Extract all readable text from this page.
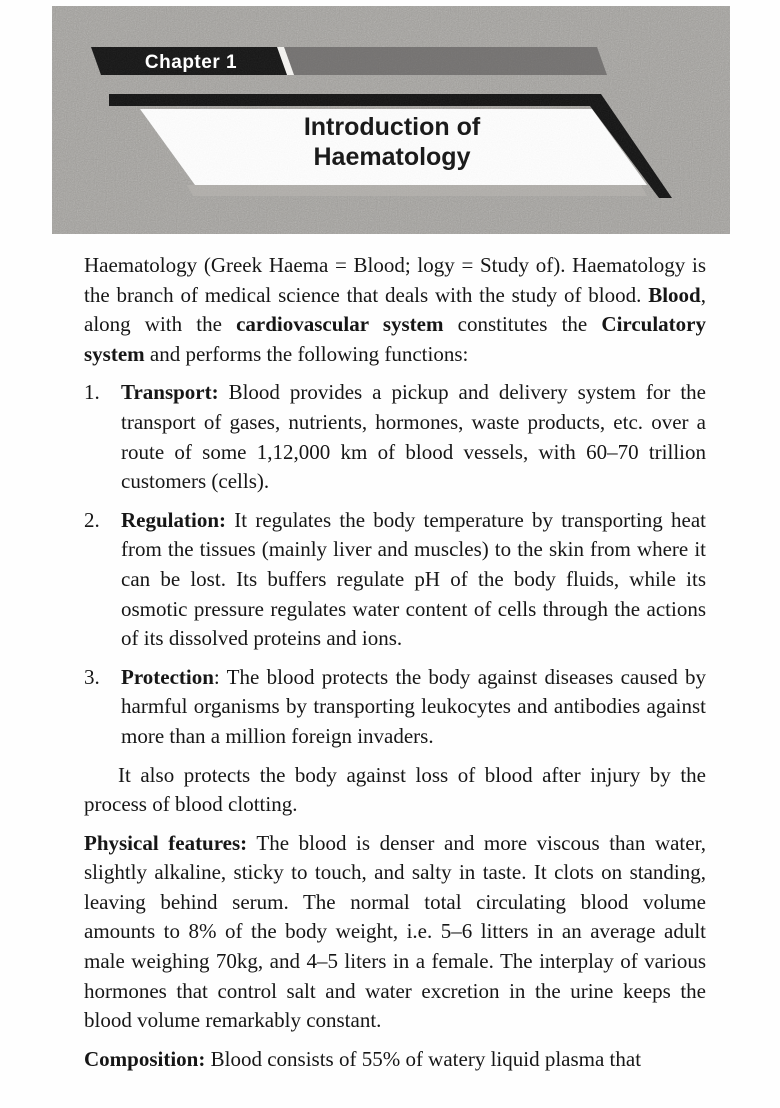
Chapter 1
Introduction of
Haematology

Haematology (Greek Haema = Blood; logy = Study of). Haematology is the branch of medical science that deals with the study of blood. Blood, along with the cardiovascular system constitutes the Circulatory system and performs the following functions:

1.	Transport: Blood provides a pickup and delivery system for the transport of gases, nutrients, hormones, waste products, etc. over a route of some 1,12,000 km of blood vessels, with 60–70 trillion customers (cells).
2.	Regulation: It regulates the body temperature by transporting heat from the tissues (mainly liver and muscles) to the skin from where it can be lost. Its buffers regulate pH of the body fluids, while its osmotic pressure regulates water content of cells through the actions of its dissolved proteins and ions.
3.	Protection: The blood protects the body against diseases caused by harmful organisms by transporting leukocytes and antibodies against more than a million foreign invaders.

It also protects the body against loss of blood after injury by the process of blood clotting.

Physical features: The blood is denser and more viscous than water, slightly alkaline, sticky to touch, and salty in taste. It clots on standing, leaving behind serum. The normal total circulating blood volume amounts to 8% of the body weight, i.e. 5–6 litters in an average adult male weighing 70kg, and 4–5 liters in a female. The interplay of various hormones that control salt and water excretion in the urine keeps the blood volume remarkably constant.

Composition: Blood consists of 55% of watery liquid plasma that
